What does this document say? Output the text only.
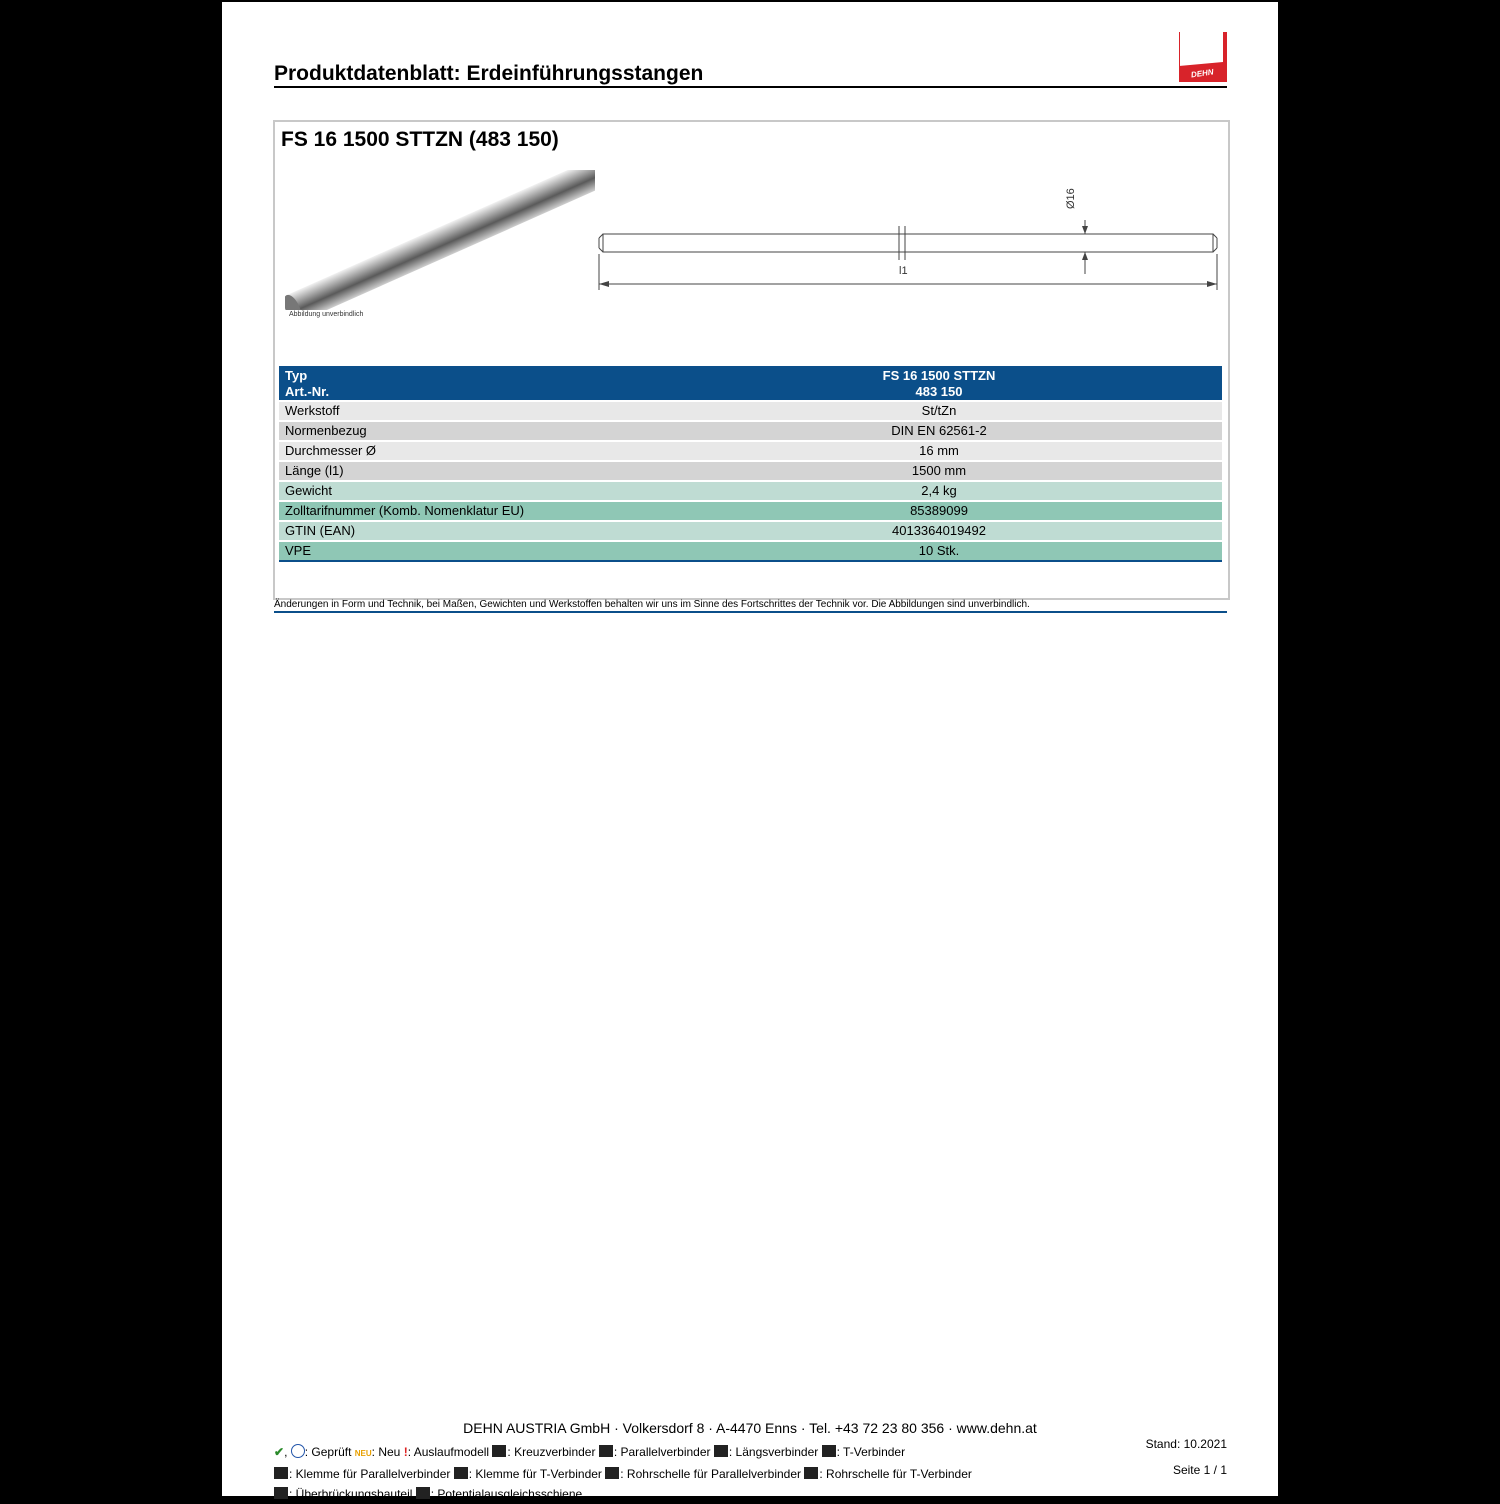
Produktdatenblatt: Erdeinführungsstangen	DEHN
FS 16 1500 STTZN (483 150)
Abbildung unverbindlich
Ø16
l1
Typ	FS 16 1500 STTZN
Art.-Nr.	483 150
Werkstoff	St/tZn
Normenbezug	DIN EN 62561-2
Durchmesser Ø	16 mm
Länge (l1)	1500 mm
Gewicht	2,4 kg
Zolltarifnummer (Komb. Nomenklatur EU)	85389099
GTIN (EAN)	4013364019492
VPE	10 Stk.
Änderungen in Form und Technik, bei Maßen, Gewichten und Werkstoffen behalten wir uns im Sinne des Fortschrittes der Technik vor. Die Abbildungen sind unverbindlich.
DEHN AUSTRIA GmbH · Volkersdorf 8 · A-4470 Enns · Tel. +43 72 23 80 356 · www.dehn.at
✔, : Geprüft NEU: Neu !: Auslaufmodell : Kreuzverbinder : Parallelverbinder : Längsverbinder : T-Verbinder
: Klemme für Parallelverbinder : Klemme für T-Verbinder : Rohrschelle für Parallelverbinder : Rohrschelle für T-Verbinder
: Überbrückungsbauteil : Potentialausgleichsschiene
Stand: 10.2021
Seite 1 / 1
